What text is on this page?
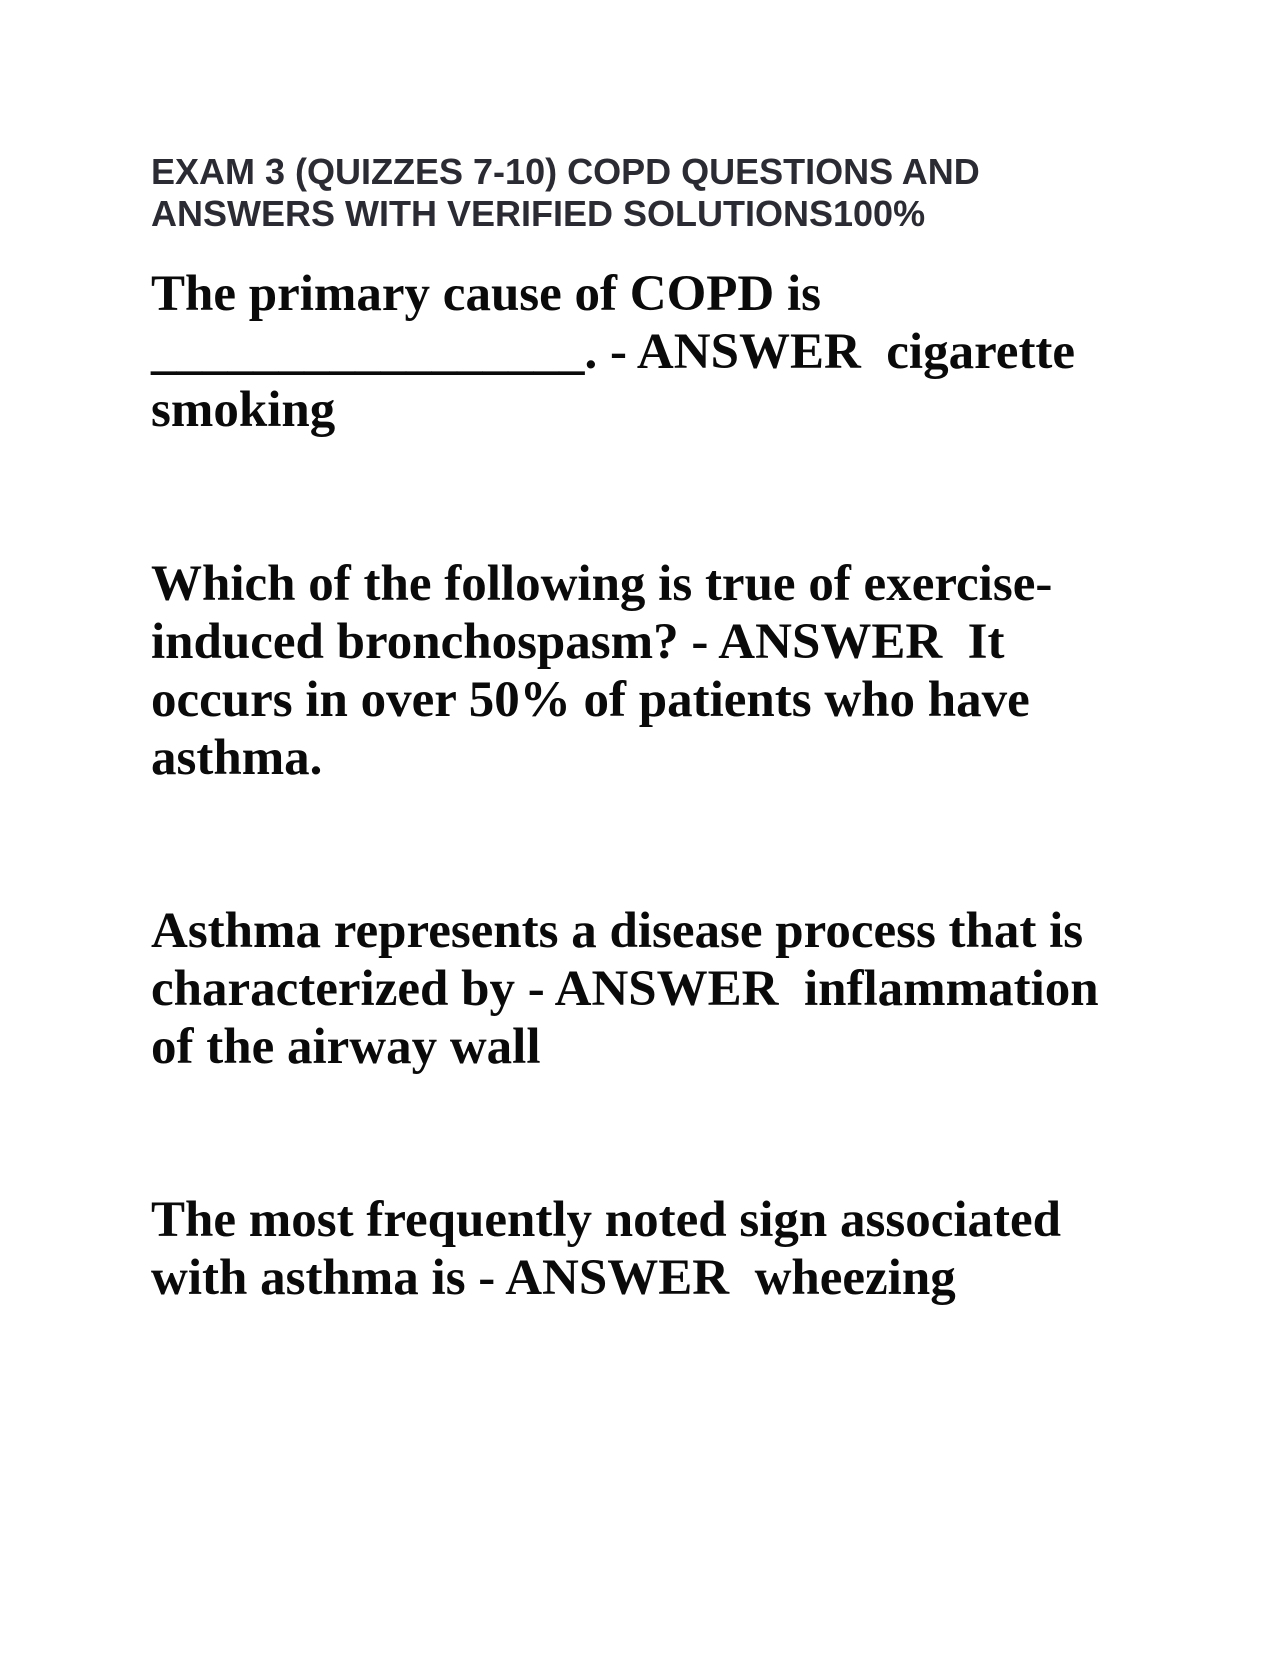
EXAM 3 (QUIZZES 7-10) COPD QUESTIONS AND
ANSWERS WITH VERIFIED SOLUTIONS100%

The primary cause of COPD is
_________________. - ANSWER  cigarette
smoking

Which of the following is true of exercise-
induced bronchospasm? - ANSWER  It
occurs in over 50% of patients who have
asthma.

Asthma represents a disease process that is
characterized by - ANSWER  inflammation
of the airway wall

The most frequently noted sign associated
with asthma is - ANSWER  wheezing
